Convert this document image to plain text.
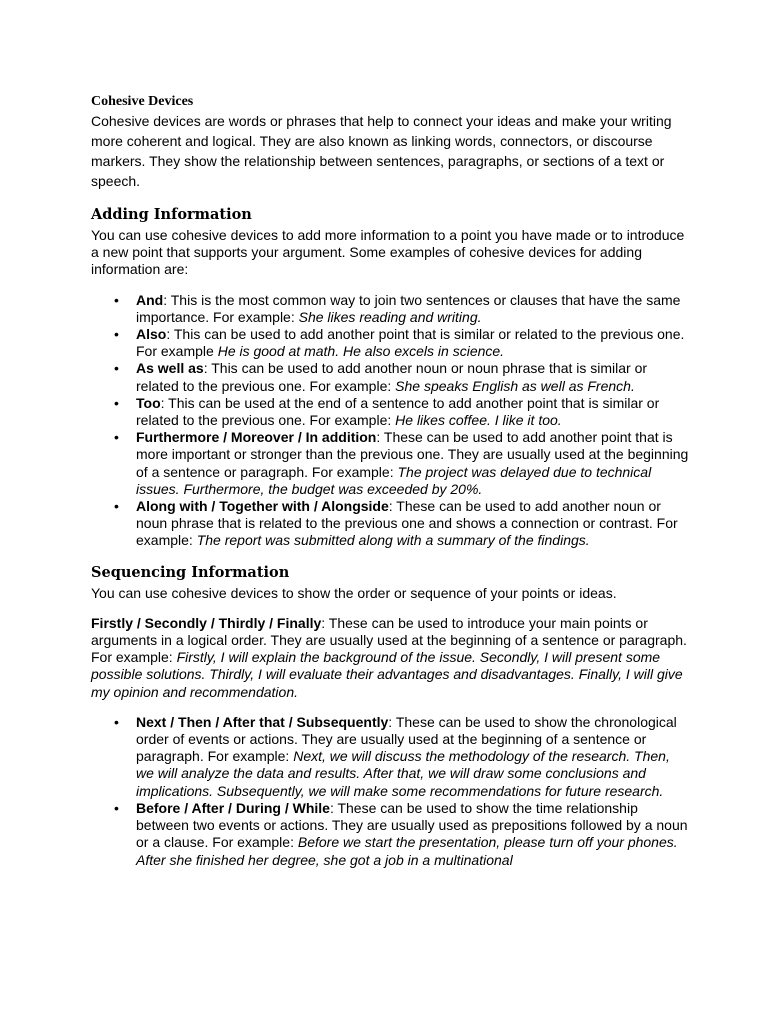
Cohesive Devices

Cohesive devices are words or phrases that help to connect your ideas and make your writing more coherent and logical. They are also known as linking words, connectors, or discourse markers. They show the relationship between sentences, paragraphs, or sections of a text or speech.

Adding Information

You can use cohesive devices to add more information to a point you have made or to introduce a new point that supports your argument. Some examples of cohesive devices for adding information are:

• And: This is the most common way to join two sentences or clauses that have the same importance. For example: She likes reading and writing.
• Also: This can be used to add another point that is similar or related to the previous one. For example He is good at math. He also excels in science.
• As well as: This can be used to add another noun or noun phrase that is similar or related to the previous one. For example: She speaks English as well as French.
• Too: This can be used at the end of a sentence to add another point that is similar or related to the previous one. For example: He likes coffee. I like it too.
• Furthermore / Moreover / In addition: These can be used to add another point that is more important or stronger than the previous one. They are usually used at the beginning of a sentence or paragraph. For example: The project was delayed due to technical issues. Furthermore, the budget was exceeded by 20%.
• Along with / Together with / Alongside: These can be used to add another noun or noun phrase that is related to the previous one and shows a connection or contrast. For example: The report was submitted along with a summary of the findings.
Sequencing Information

You can use cohesive devices to show the order or sequence of your points or ideas.

Firstly / Secondly / Thirdly / Finally: These can be used to introduce your main points or arguments in a logical order. They are usually used at the beginning of a sentence or paragraph. For example: Firstly, I will explain the background of the issue. Secondly, I will present some possible solutions. Thirdly, I will evaluate their advantages and disadvantages. Finally, I will give my opinion and recommendation.

• Next / Then / After that / Subsequently: These can be used to show the chronological order of events or actions. They are usually used at the beginning of a sentence or paragraph. For example: Next, we will discuss the methodology of the research. Then, we will analyze the data and results. After that, we will draw some conclusions and implications. Subsequently, we will make some recommendations for future research.
• Before / After / During / While: These can be used to show the time relationship between two events or actions. They are usually used as prepositions followed by a noun or a clause. For example: Before we start the presentation, please turn off your phones. After she finished her degree, she got a job in a multinational
